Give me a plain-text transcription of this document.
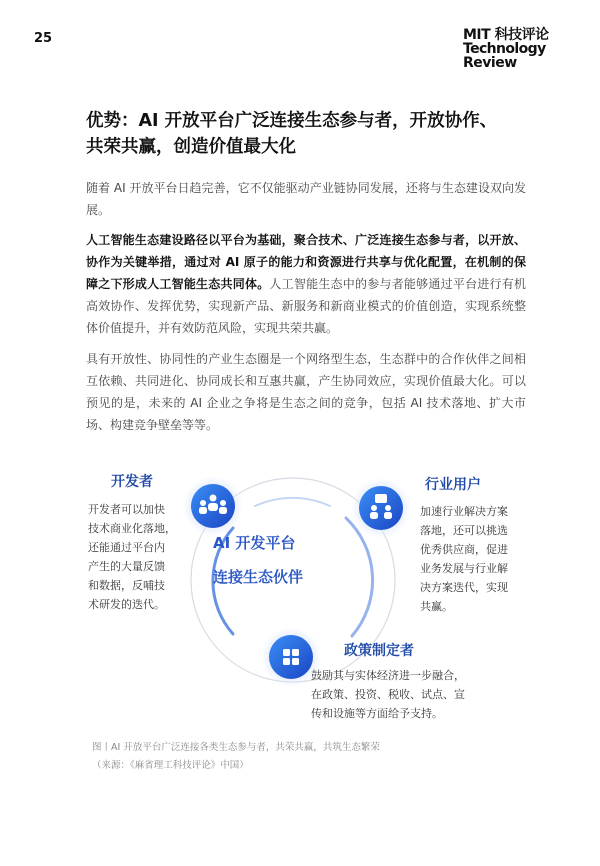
25	MIT 科技评论
Technology
Review
优势：AI 开放平台广泛连接生态参与者，开放协作、
共荣共赢，创造价值最大化

随着 AI 开放平台日趋完善，它不仅能驱动产业链协同发展，还将与生态建设双向发展。

人工智能生态建设路径以平台为基础，聚合技术、广泛连接生态参与者，以开放、协作为关键举措，通过对 AI 原子的能力和资源进行共享与优化配置，在机制的保障之下形成人工智能生态共同体。人工智能生态中的参与者能够通过平台进行有机高效协作、发挥优势，实现新产品、新服务和新商业模式的价值创造，实现系统整体价值提升，并有效防范风险，实现共荣共赢。

具有开放性、协同性的产业生态圈是一个网络型生态，生态群中的合作伙伴之间相互依赖、共同进化、协同成长和互惠共赢，产生协同效应，实现价值最大化。可以预见的是，未来的 AI 企业之争将是生态之间的竞争，包括 AI 技术落地、扩大市场、构建竞争壁垒等等。

AI 开发平台
连接生态伙伴
开发者
开发者可以加快
技术商业化落地，
还能通过平台内
产生的大量反馈
和数据，反哺技
术研发的迭代。
行业用户
加速行业解决方案
落地，还可以挑选
优秀供应商，促进
业务发展与行业解
决方案迭代，实现
共赢。
政策制定者
鼓励其与实体经济进一步融合，
在政策、投资、税收、试点、宣
传和设施等方面给予支持。
图丨AI 开放平台广泛连接各类生态参与者，共荣共赢，共筑生态繁荣
（来源：《麻省理工科技评论》中国）
